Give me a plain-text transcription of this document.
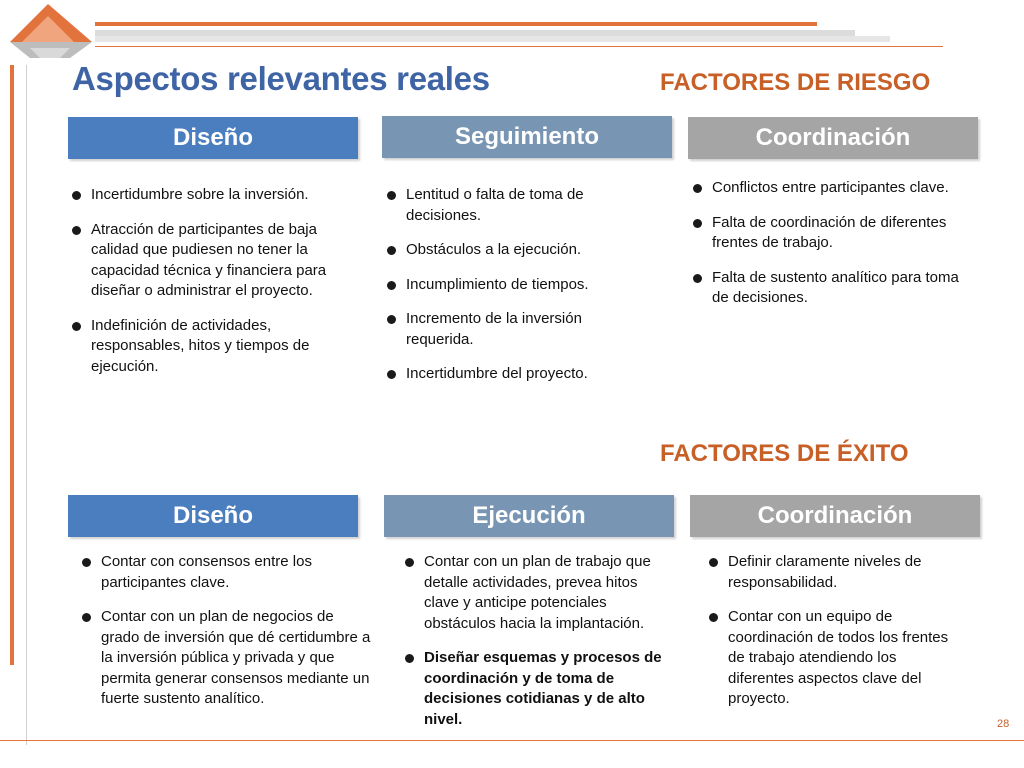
Aspectos relevantes reales	FACTORES DE RIESGO
FACTORES DE ÉXITO
Diseño	Seguimiento	Coordinación
Incertidumbre sobre la inversión.
Atracción de participantes de baja calidad que pudiesen no tener la capacidad técnica y financiera para diseñar o administrar el proyecto.
Indefinición de actividades, responsables, hitos y tiempos de ejecución.
Lentitud o falta de toma de decisiones.
Obstáculos a la ejecución.
Incumplimiento de tiempos.
Incremento de la inversión requerida.
Incertidumbre del proyecto.
Conflictos entre participantes clave.
Falta de coordinación de diferentes frentes de trabajo.
Falta de sustento analítico para toma de decisiones.
Diseño	Ejecución	Coordinación
Contar con consensos entre los participantes clave.
Contar con un plan de negocios de grado de inversión que dé certidumbre a la inversión pública y privada y que permita generar consensos mediante un fuerte sustento analítico.
Contar con un plan de trabajo que detalle actividades, prevea hitos clave y anticipe potenciales obstáculos hacia la implantación.
Diseñar esquemas y procesos de coordinación y de toma de decisiones cotidianas y de alto nivel.
Definir claramente niveles de responsabilidad.
Contar con un equipo de coordinación de todos los frentes de trabajo atendiendo los diferentes aspectos clave del proyecto.
28
